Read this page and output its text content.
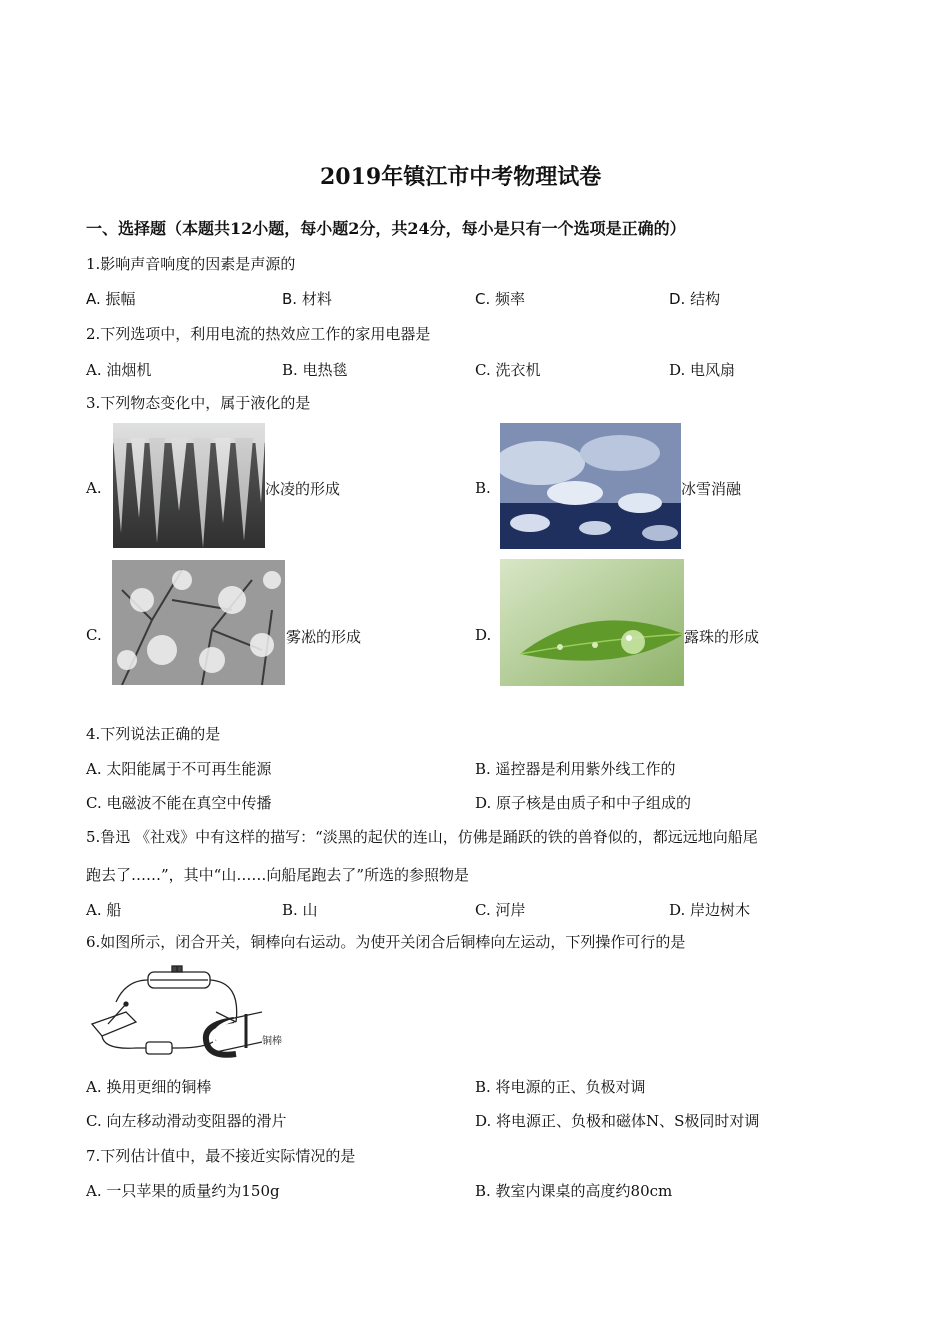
2019年镇江市中考物理试卷
一、选择题（本题共12小题，每小题2分，共24分，每小是只有一个选项是正确的）
1.影响声音响度的因素是声源的
A. 振幅	B. 材料	C. 频率	D. 结构
2.下列选项中，利用电流的热效应工作的家用电器是
A. 油烟机	B. 电热毯	C. 洗衣机	D. 电风扇
3.下列物态变化中，属于液化的是
A.	冰凌的形成	B.	冰雪消融
C.	雾凇的形成	D.	露珠的形成
4.下列说法正确的是
A. 太阳能属于不可再生能源	B. 遥控器是利用紫外线工作的
C. 电磁波不能在真空中传播	D. 原子核是由质子和中子组成的
5.鲁迅 《社戏》中有这样的描写：“淡黑的起伏的连山，仿佛是踊跃的铁的兽脊似的，都远远地向船尾
跑去了……”，其中“山……向船尾跑去了”所选的参照物是
A. 船	B. 山	C. 河岸	D. 岸边树木
6.如图所示，闭合开关，铜棒向右运动。为使开关闭合后铜棒向左运动，下列操作可行的是
铜棒
A. 换用更细的铜棒	B. 将电源的正、负极对调
C. 向左移动滑动变阻器的滑片	D. 将电源正、负极和磁体N、S极同时对调
7.下列估计值中，最不接近实际情况的是
A. 一只苹果的质量约为150g	B. 教室内课桌的高度约80cm
